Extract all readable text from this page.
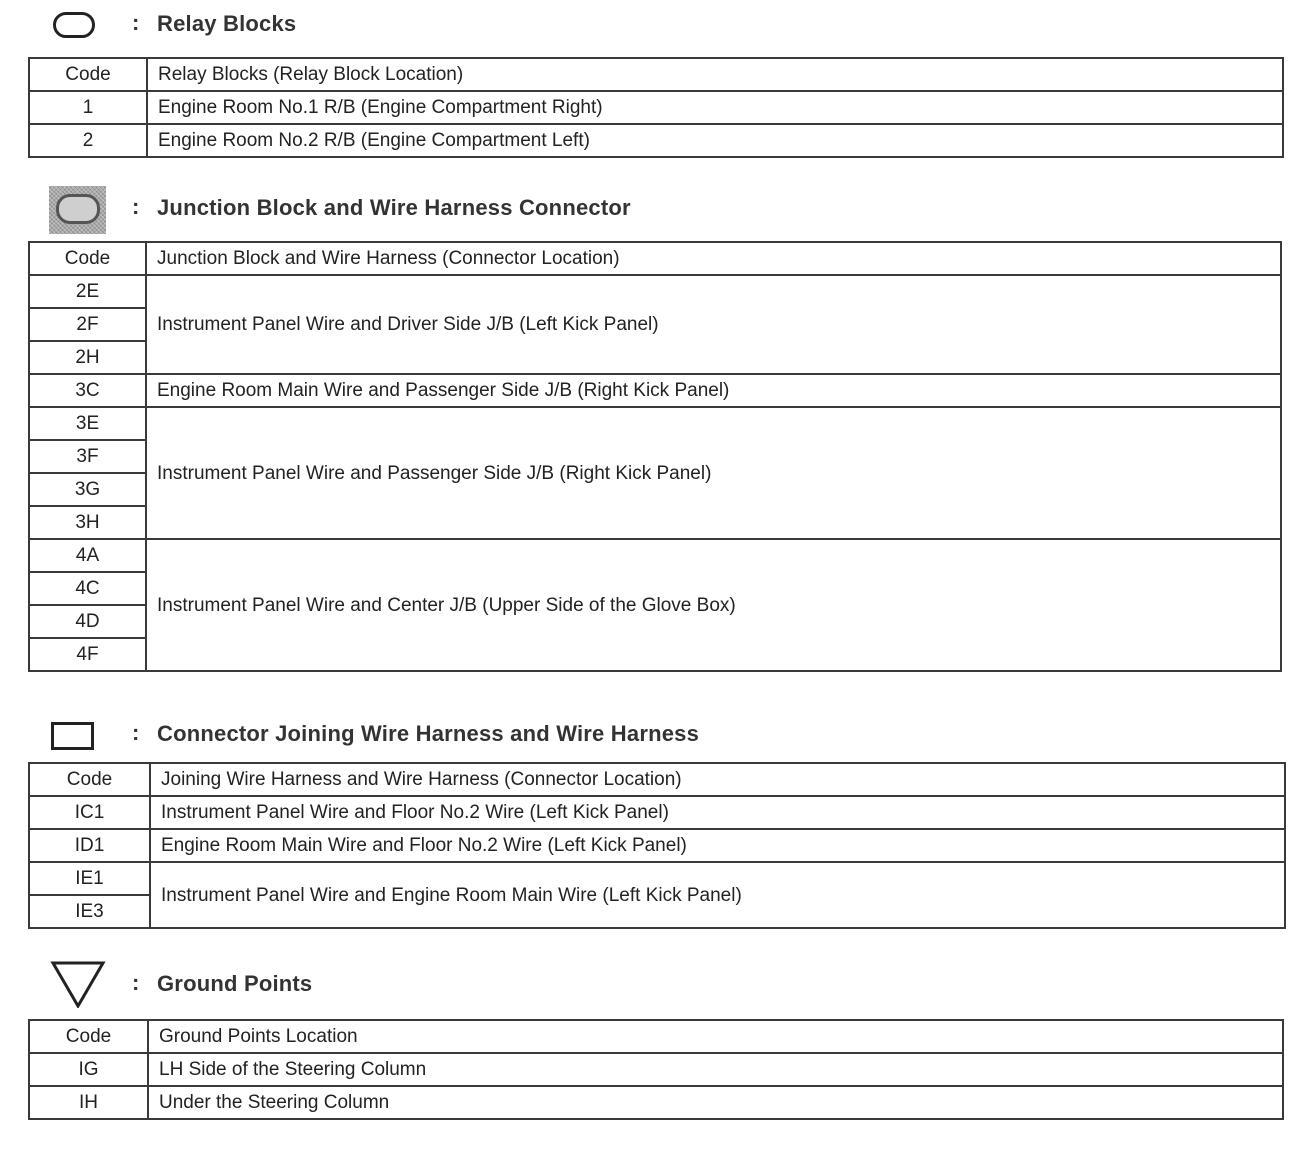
: Relay Blocks
Code	Relay Blocks (Relay Block Location)
1	Engine Room No.1 R/B (Engine Compartment Right)
2	Engine Room No.2 R/B (Engine Compartment Left)
: Junction Block and Wire Harness Connector
Code	Junction Block and Wire Harness (Connector Location)
2E	Instrument Panel Wire and Driver Side J/B (Left Kick Panel)
2F	
2H	
3C	Engine Room Main Wire and Passenger Side J/B (Right Kick Panel)
3E	Instrument Panel Wire and Passenger Side J/B (Right Kick Panel)
3F	
3G	
3H	
4A	Instrument Panel Wire and Center J/B (Upper Side of the Glove Box)
4C	
4D	
4F	
: Connector Joining Wire Harness and Wire Harness
Code	Joining Wire Harness and Wire Harness (Connector Location)
IC1	Instrument Panel Wire and Floor No.2 Wire (Left Kick Panel)
ID1	Engine Room Main Wire and Floor No.2 Wire (Left Kick Panel)
IE1	Instrument Panel Wire and Engine Room Main Wire (Left Kick Panel)
IE3	
: Ground Points
Code	Ground Points Location
IG	LH Side of the Steering Column
IH	Under the Steering Column
